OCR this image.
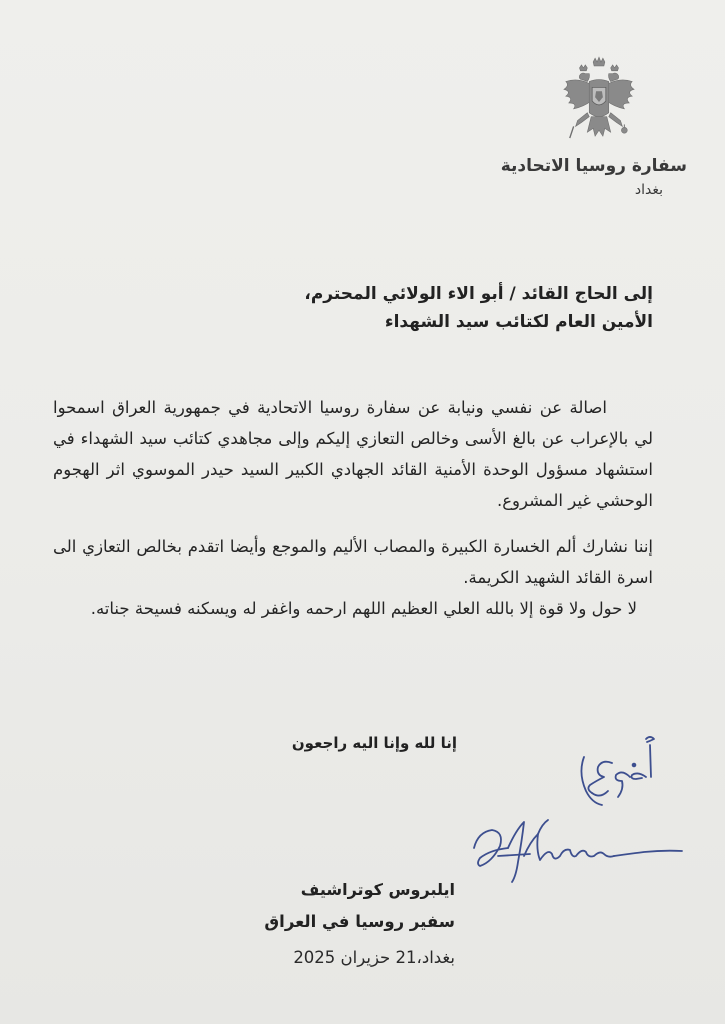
سفارة روسيا الاتحادية
بغداد
إلى الحاج القائد / أبو الاء الولائي المحترم،
الأمين العام لكتائب سيد الشهداء
اصالة عن نفسي ونيابة عن سفارة روسيا الاتحادية في جمهورية العراق اسمحوا لي بالإعراب عن بالغ الأسى وخالص التعازي إليكم وإلى مجاهدي كتائب سيد الشهداء في استشهاد مسؤول الوحدة الأمنية القائد الجهادي الكبير السيد حيدر الموسوي اثر الهجوم الوحشي غير المشروع.
إننا نشارك ألم الخسارة الكبيرة والمصاب الأليم والموجع وأيضا اتقدم بخالص التعازي الى اسرة القائد الشهيد الكريمة.
لا حول ولا قوة إلا بالله العلي العظيم اللهم ارحمه واغفر له ويسكنه فسيحة جناته.
إنا لله وإنا اليه راجعون
ايلبروس كوتراشيف
سفير روسيا في العراق
بغداد،21 حزيران 2025
